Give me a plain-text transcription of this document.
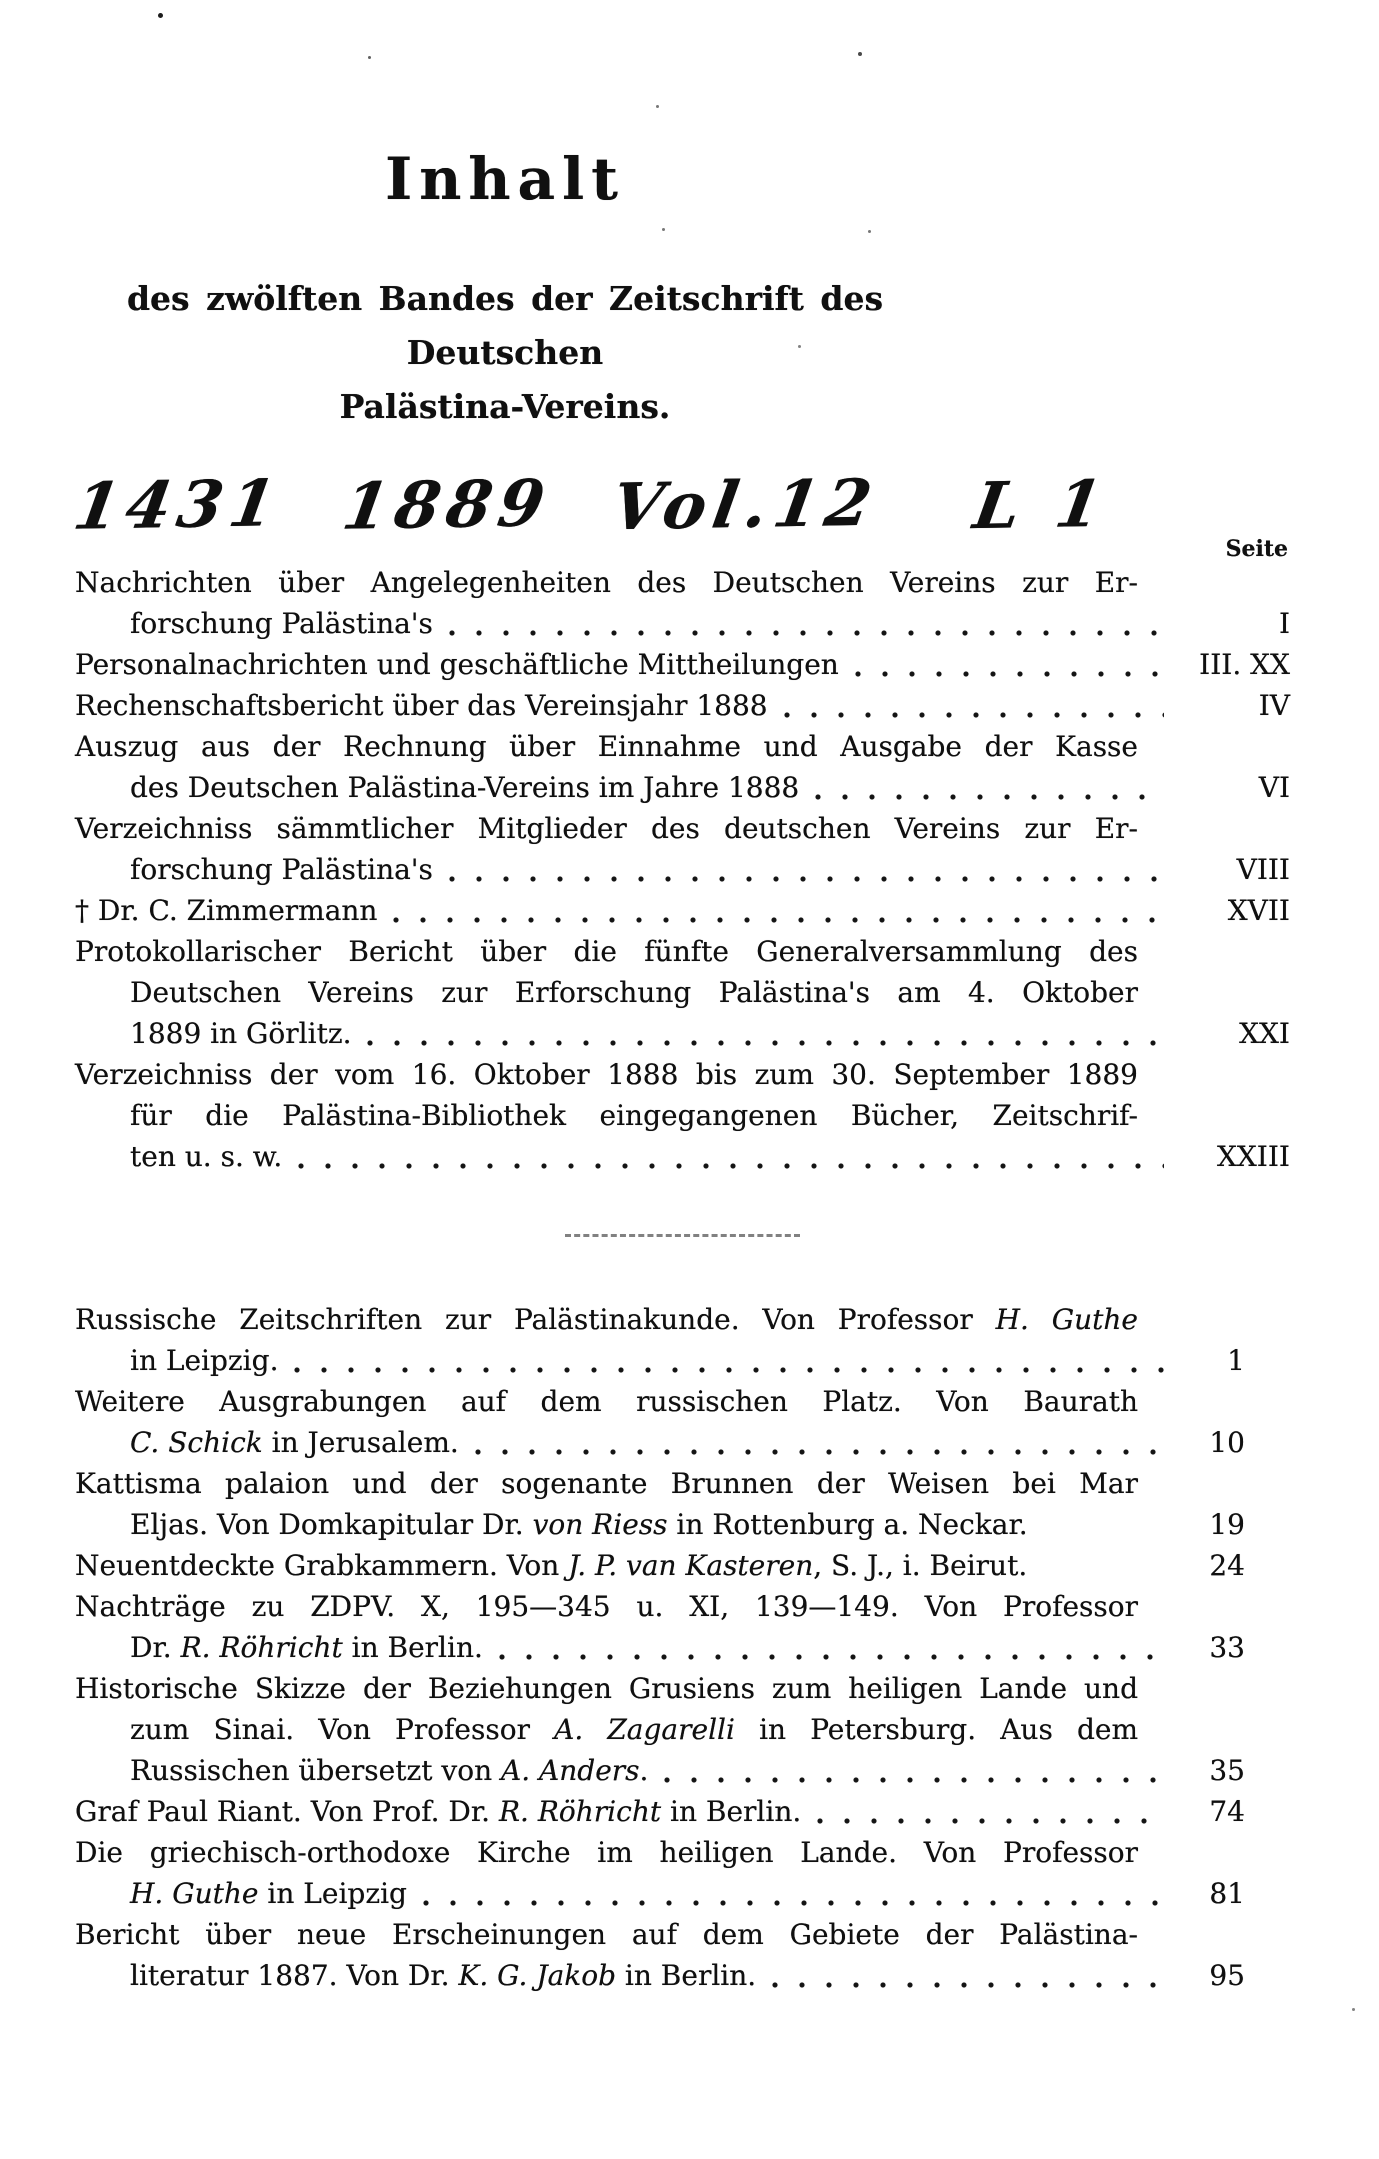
Inhalt
des zwölften Bandes der Zeitschrift des Deutschen
Palästina-Vereins.
1431 1889 Vol.12 L 1
Seite
Nachrichten über Angelegenheiten des Deutschen Vereins zur Er-
forschung Palästina's	I
Personalnachrichten und geschäftliche Mittheilungen	III. XX
Rechenschaftsbericht über das Vereinsjahr 1888	IV
Auszug aus der Rechnung über Einnahme und Ausgabe der Kasse
des Deutschen Palästina-Vereins im Jahre 1888	VI
Verzeichniss sämmtlicher Mitglieder des deutschen Vereins zur Er-
forschung Palästina's	VIII
† Dr. C. Zimmermann	XVII
Protokollarischer Bericht über die fünfte Generalversammlung des
Deutschen Vereins zur Erforschung Palästina's am 4. Oktober
1889 in Görlitz.	XXI
Verzeichniss der vom 16. Oktober 1888 bis zum 30. September 1889
für die Palästina-Bibliothek eingegangenen Bücher, Zeitschrif-
ten u. s. w.	XXIII
Russische Zeitschriften zur Palästinakunde. Von Professor H. Guthe
in Leipzig.	1
Weitere Ausgrabungen auf dem russischen Platz. Von Baurath
C. Schick in Jerusalem.	10
Kattisma palaion und der sogenante Brunnen der Weisen bei Mar
Eljas. Von Domkapitular Dr. von Riess in Rottenburg a. Neckar.	19
Neuentdeckte Grabkammern. Von J. P. van Kasteren, S. J., i. Beirut.	24
Nachträge zu ZDPV. X, 195—345 u. XI, 139—149. Von Professor
Dr. R. Röhricht in Berlin.	33
Historische Skizze der Beziehungen Grusiens zum heiligen Lande und
zum Sinai. Von Professor A. Zagarelli in Petersburg. Aus dem
Russischen übersetzt von A. Anders.	35
Graf Paul Riant. Von Prof. Dr. R. Röhricht in Berlin.	74
Die griechisch-orthodoxe Kirche im heiligen Lande. Von Professor
H. Guthe in Leipzig	81
Bericht über neue Erscheinungen auf dem Gebiete der Palästina-
literatur 1887. Von Dr. K. G. Jakob in Berlin.	95
